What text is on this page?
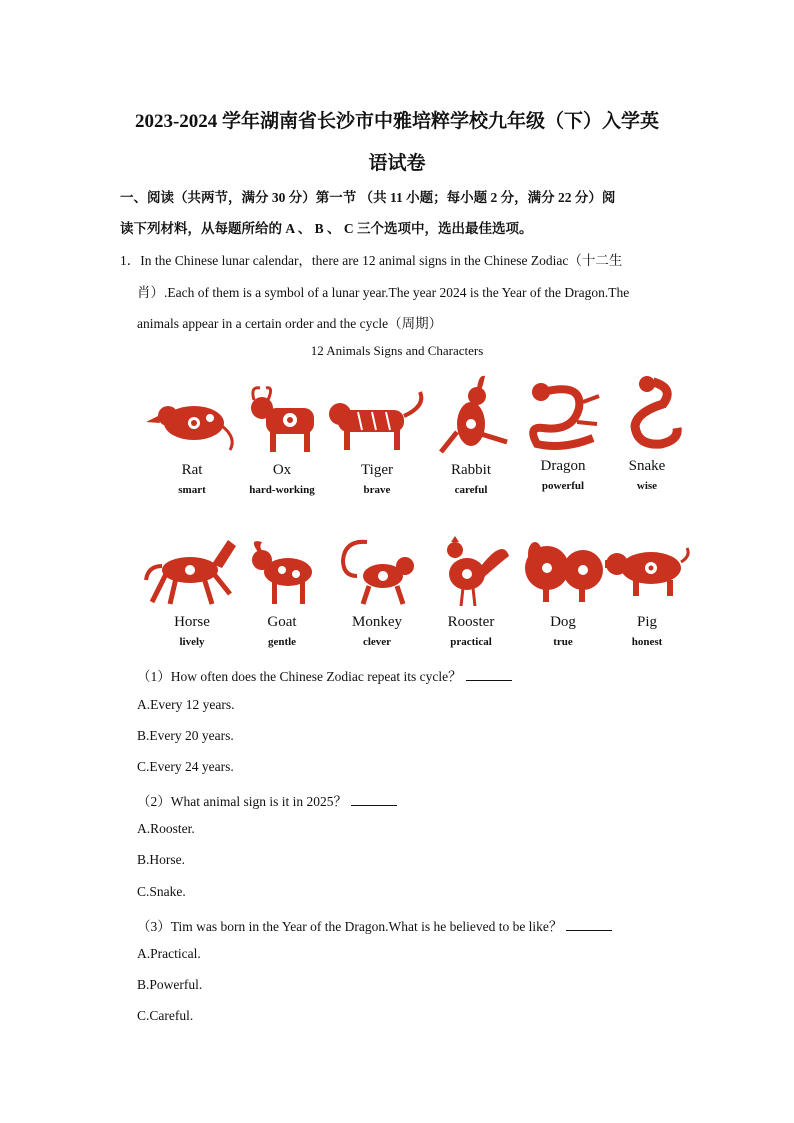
2023-2024 学年湖南省长沙市中雅培粹学校九年级（下）入学英
语试卷
一、阅读（共两节，满分 30 分）第一节 （共 11 小题；每小题 2 分，满分 22 分）阅
读下列材料，从每题所给的 A 、 B 、 C 三个选项中，选出最佳选项。
1．In the Chinese lunar calendar，there are 12 animal signs in the Chinese Zodiac（十二生
肖）.Each of them is a symbol of a lunar year.The year 2024 is the Year of the Dragon.The
animals appear in a certain order and the cycle（周期）
12 Animals Signs and Characters
Rat
smart
Ox
hard-working
Tiger
brave
Rabbit
careful
Dragon
powerful
Snake
wise
Horse
lively
Goat
gentle
Monkey
clever
Rooster
practical
Dog
true
Pig
honest
（1）How often does the Chinese Zodiac repeat its cycle？
A.Every 12 years.
B.Every 20 years.
C.Every 24 years.
（2）What animal sign is it in 2025？
A.Rooster.
B.Horse.
C.Snake.
（3）Tim was born in the Year of the Dragon.What is he believed to be like？
A.Practical.
B.Powerful.
C.Careful.
